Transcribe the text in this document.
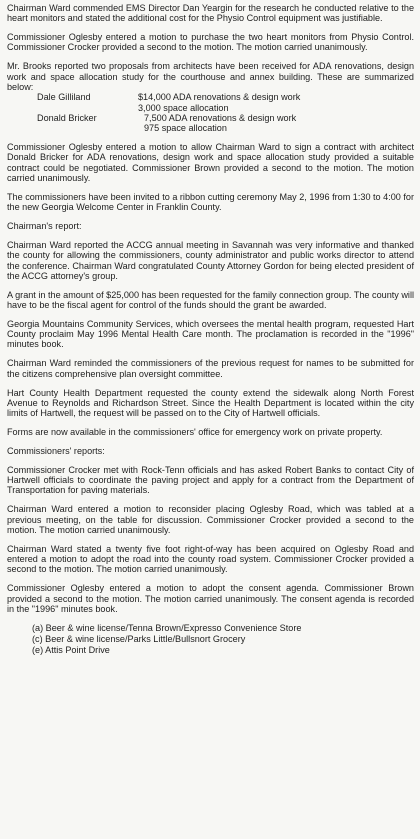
Chairman Ward commended EMS Director Dan Yeargin for the research he conducted relative to the heart monitors and stated the additional cost for the Physio Control equipment was justifiable.

Commissioner Oglesby entered a motion to purchase the two heart monitors from Physio Control. Commissioner Crocker provided a second to the motion. The motion carried unanimously.

Mr. Brooks reported two proposals from architects have been received for ADA renovations, design work and space allocation study for the courthouse and annex building. These are summarized below:

Dale Gilliland	$14,000 ADA renovations & design work
3,000 space allocation
Donald Bricker	7,500 ADA renovations & design work
975 space allocation

Commissioner Oglesby entered a motion to allow Chairman Ward to sign a contract with architect Donald Bricker for ADA renovations, design work and space allocation study provided a suitable contract could be negotiated. Commissioner Brown provided a second to the motion. The motion carried unanimously.

The commissioners have been invited to a ribbon cutting ceremony May 2, 1996 from 1:30 to 4:00 for the new Georgia Welcome Center in Franklin County.

Chairman's report:

Chairman Ward reported the ACCG annual meeting in Savannah was very informative and thanked the county for allowing the commissioners, county administrator and public works director to attend the conference. Chairman Ward congratulated County Attorney Gordon for being elected president of the ACCG attorney's group.

A grant in the amount of $25,000 has been requested for the family connection group. The county will have to be the fiscal agent for control of the funds should the grant be awarded.

Georgia Mountains Community Services, which oversees the mental health program, requested Hart County proclaim May 1996 Mental Health Care month. The proclamation is recorded in the "1996" minutes book.

Chairman Ward reminded the commissioners of the previous request for names to be submitted for the citizens comprehensive plan oversight committee.

Hart County Health Department requested the county extend the sidewalk along North Forest Avenue to Reynolds and Richardson Street. Since the Health Department is located within the city limits of Hartwell, the request will be passed on to the City of Hartwell officials.

Forms are now available in the commissioners' office for emergency work on private property.

Commissioners' reports:

Commissioner Crocker met with Rock-Tenn officials and has asked Robert Banks to contact City of Hartwell officials to coordinate the paving project and apply for a contract from the Department of Transportation for paving materials.

Chairman Ward entered a motion to reconsider placing Oglesby Road, which was tabled at a previous meeting, on the table for discussion. Commissioner Crocker provided a second to the motion. The motion carried unanimously.

Chairman Ward stated a twenty five foot right-of-way has been acquired on Oglesby Road and entered a motion to adopt the road into the county road system. Commissioner Crocker provided a second to the motion. The motion carried unanimously.

Commissioner Oglesby entered a motion to adopt the consent agenda. Commissioner Brown provided a second to the motion. The motion carried unanimously. The consent agenda is recorded in the "1996" minutes book.

(a) Beer & wine license/Tenna Brown/Expresso Convenience Store
(c) Beer & wine license/Parks Little/Bullsnort Grocery
(e) Attis Point Drive
